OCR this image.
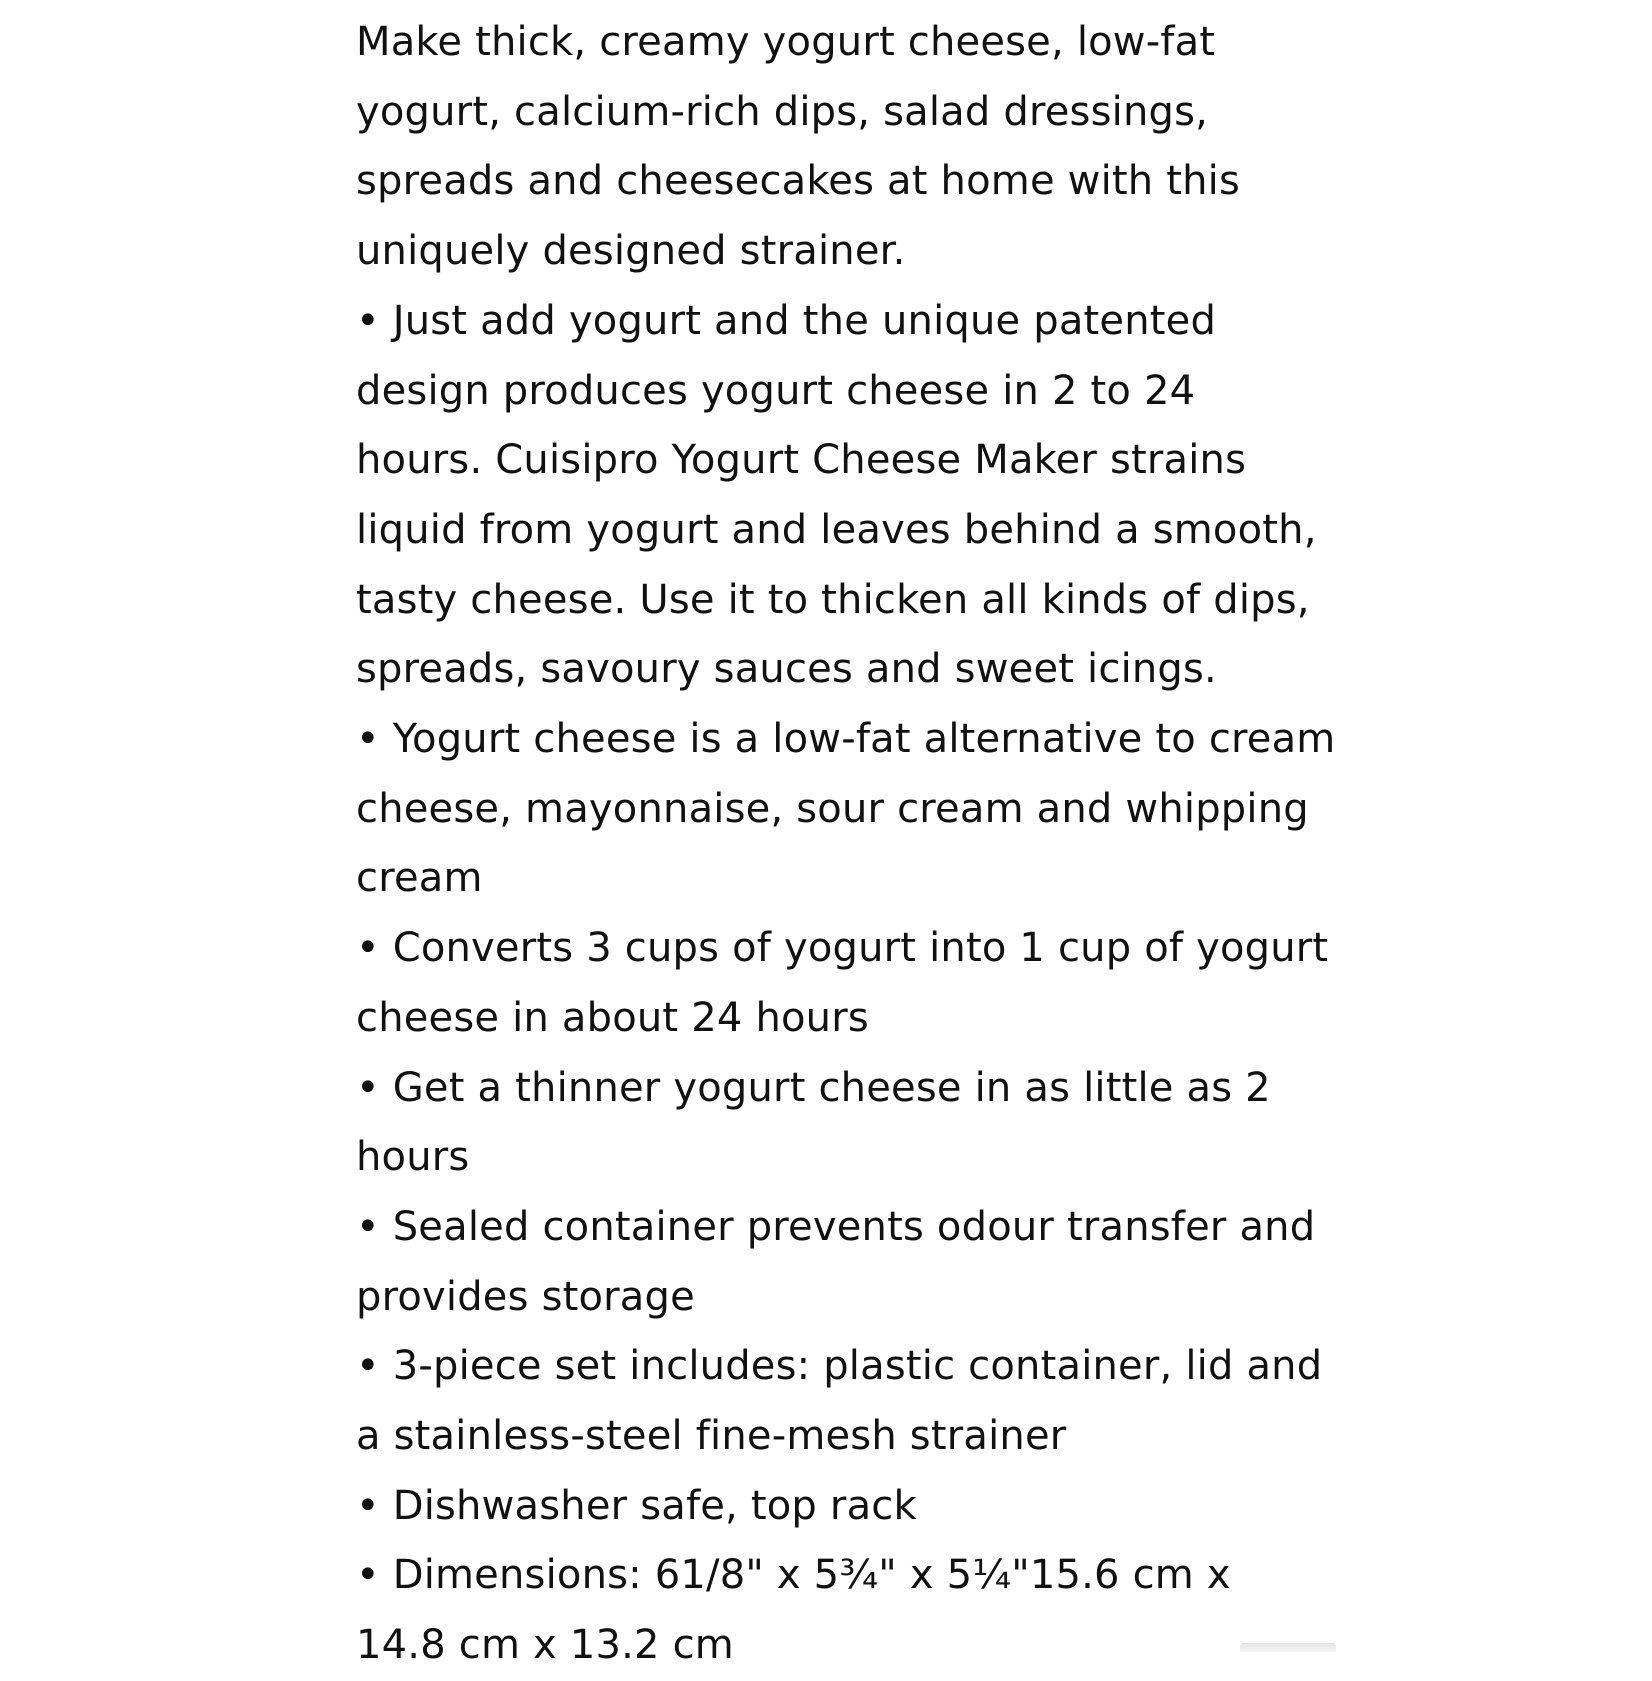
Make thick, creamy yogurt cheese, low-fat
yogurt, calcium-rich dips, salad dressings,
spreads and cheesecakes at home with this
uniquely designed strainer.

• Just add yogurt and the unique patented
design produces yogurt cheese in 2 to 24
hours. Cuisipro Yogurt Cheese Maker strains
liquid from yogurt and leaves behind a smooth,
tasty cheese. Use it to thicken all kinds of dips,
spreads, savoury sauces and sweet icings.

• Yogurt cheese is a low-fat alternative to cream
cheese, mayonnaise, sour cream and whipping
cream

• Converts 3 cups of yogurt into 1 cup of yogurt
cheese in about 24 hours

• Get a thinner yogurt cheese in as little as 2
hours

• Sealed container prevents odour transfer and
provides storage

• 3-piece set includes: plastic container, lid and
a stainless-steel fine-mesh strainer

• Dishwasher safe, top rack

• Dimensions: 61/8" x 5¾" x 5¼"15.6 cm x
14.8 cm x 13.2 cm
